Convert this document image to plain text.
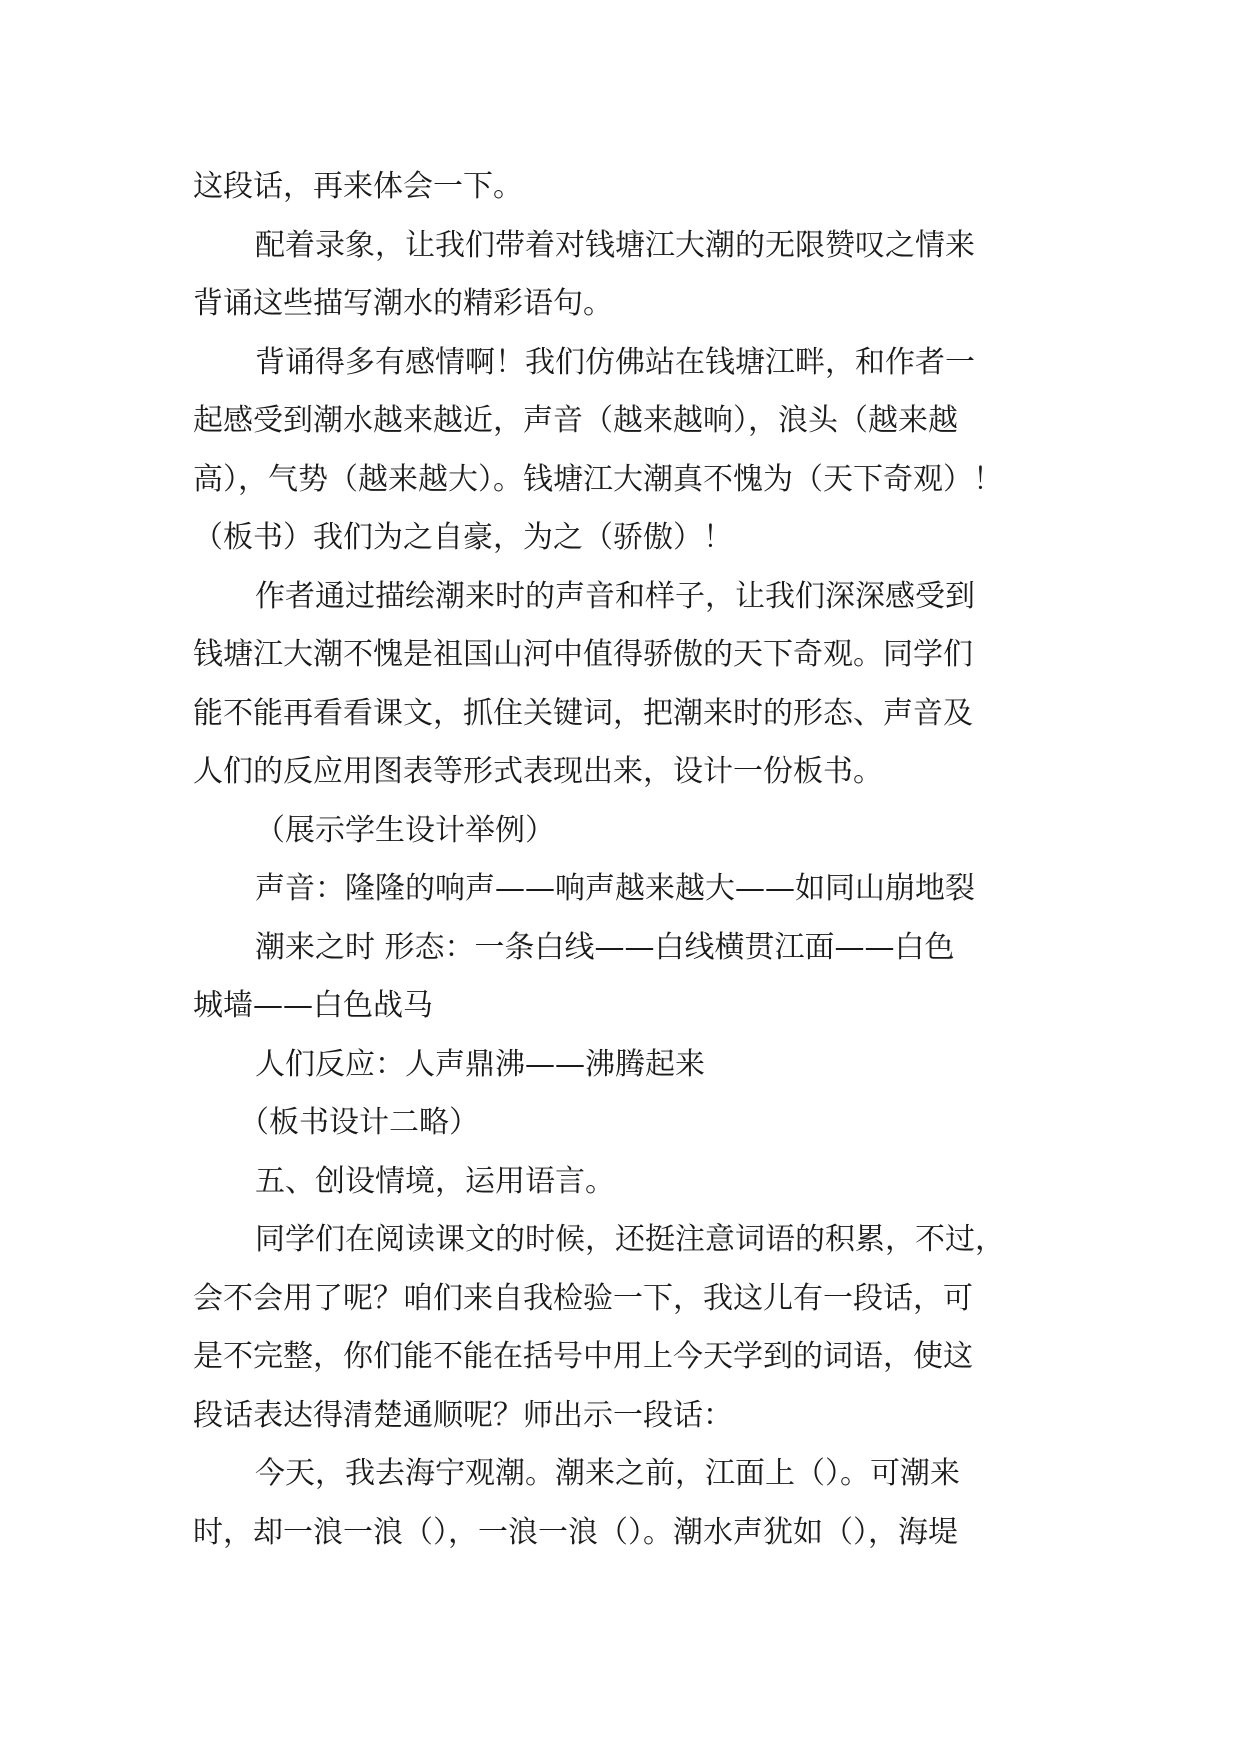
这段话，再来体会一下。

配着录象，让我们带着对钱塘江大潮的无限赞叹之情来

背诵这些描写潮水的精彩语句。

背诵得多有感情啊！我们仿佛站在钱塘江畔，和作者一

起感受到潮水越来越近，声音（越来越响），浪头（越来越

高），气势（越来越大）。钱塘江大潮真不愧为（天下奇观）！

（板书）我们为之自豪，为之（骄傲）！

作者通过描绘潮来时的声音和样子，让我们深深感受到

钱塘江大潮不愧是祖国山河中值得骄傲的天下奇观。同学们

能不能再看看课文，抓住关键词，把潮来时的形态、声音及

人们的反应用图表等形式表现出来，设计一份板书。

（展示学生设计举例）

声音：隆隆的响声——响声越来越大——如同山崩地裂

潮来之时 形态：一条白线——白线横贯江面——白色

城墙——白色战马

人们反应：人声鼎沸——沸腾起来

（板书设计二略）

五、创设情境，运用语言。

同学们在阅读课文的时候，还挺注意词语的积累，不过，

会不会用了呢？咱们来自我检验一下，我这儿有一段话，可

是不完整，你们能不能在括号中用上今天学到的词语，使这

段话表达得清楚通顺呢？师出示一段话：

今天，我去海宁观潮。潮来之前，江面上（）。可潮来

时，却一浪一浪（），一浪一浪（）。潮水声犹如（），海堤
